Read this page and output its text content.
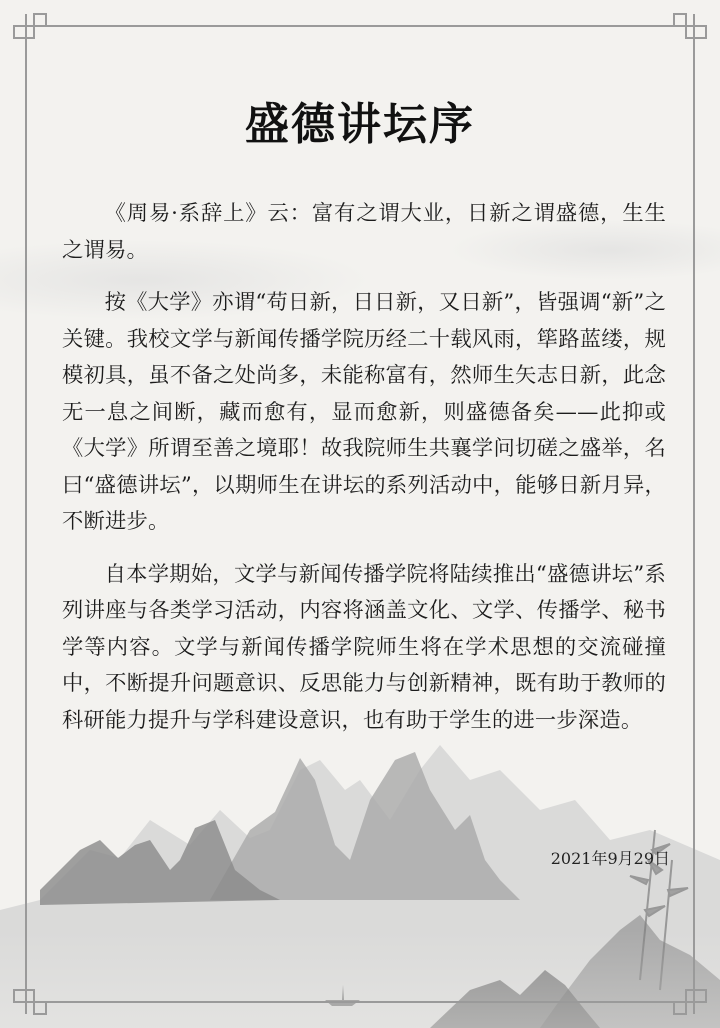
盛德讲坛序

《周易·系辞上》云：富有之谓大业，日新之谓盛德，生生之谓易。

按《大学》亦谓“苟日新，日日新，又日新”，皆强调“新”之关键。我校文学与新闻传播学院历经二十载风雨，筚路蓝缕，规模初具，虽不备之处尚多，未能称富有，然师生矢志日新，此念无一息之间断，藏而愈有，显而愈新，则盛德备矣——此抑或《大学》所谓至善之境耶！故我院师生共襄学问切磋之盛举，名曰“盛德讲坛”，以期师生在讲坛的系列活动中，能够日新月异，不断进步。

自本学期始，文学与新闻传播学院将陆续推出“盛德讲坛”系列讲座与各类学习活动，内容将涵盖文化、文学、传播学、秘书学等内容。文学与新闻传播学院师生将在学术思想的交流碰撞中，不断提升问题意识、反思能力与创新精神，既有助于教师的科研能力提升与学科建设意识，也有助于学生的进一步深造。

2021年9月29日
